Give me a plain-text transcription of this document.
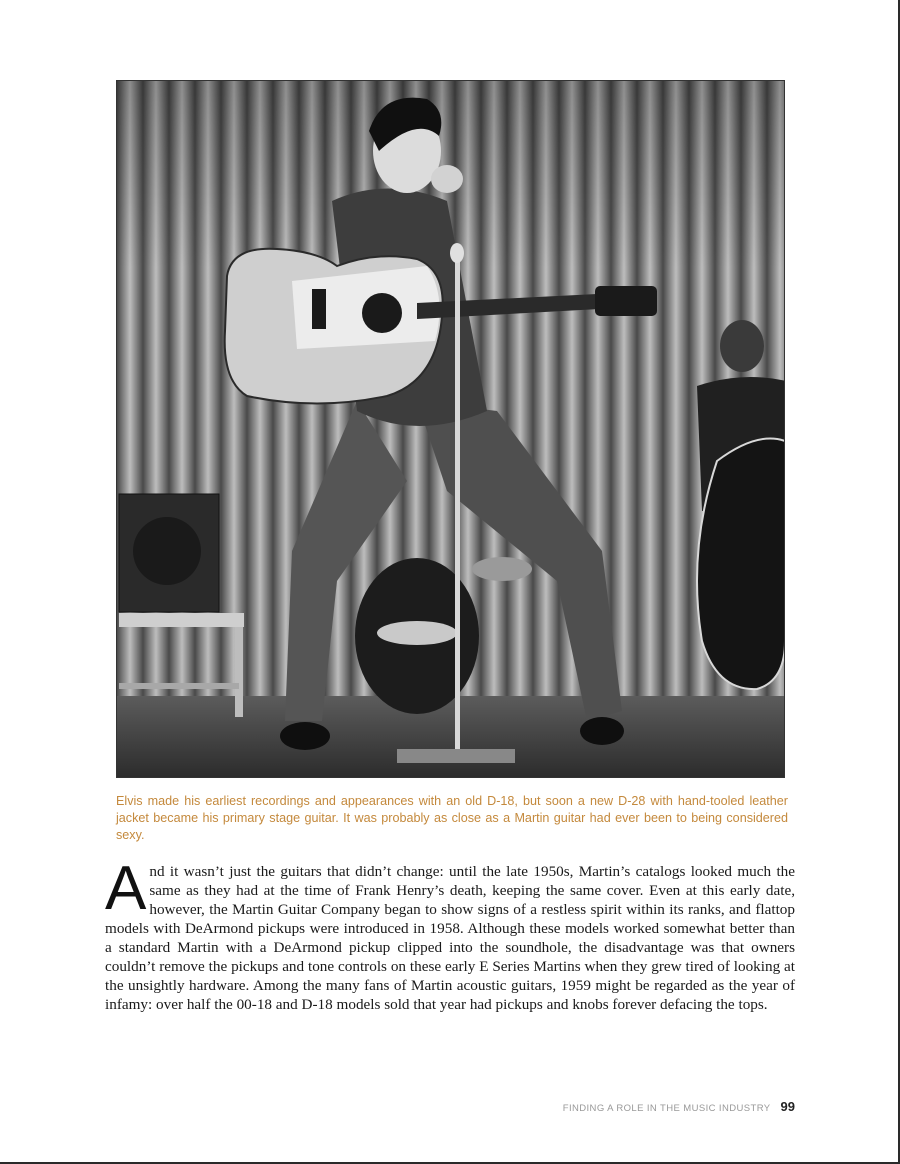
Elvis made his earliest recordings and appearances with an old D-18, but soon a new D-28 with hand-tooled leather jacket became his primary stage guitar. It was probably as close as a Martin guitar had ever been to being considered sexy.

And it wasn’t just the guitars that didn’t change: until the late 1950s, Martin’s catalogs looked much the same as they had at the time of Frank Henry’s death, keeping the same cover. Even at this early date, however, the Martin Guitar Company began to show signs of a restless spirit within its ranks, and flattop models with DeArmond pickups were introduced in 1958. Although these models worked somewhat better than a standard Martin with a DeArmond pickup clipped into the soundhole, the disadvantage was that owners couldn’t remove the pickups and tone controls on these early E Series Martins when they grew tired of looking at the unsightly hardware. Among the many fans of Martin acoustic guitars, 1959 might be regarded as the year of infamy: over half the 00-18 and D-18 models sold that year had pickups and knobs forever defacing the tops.

FINDING A ROLE IN THE MUSIC INDUSTRY 99
